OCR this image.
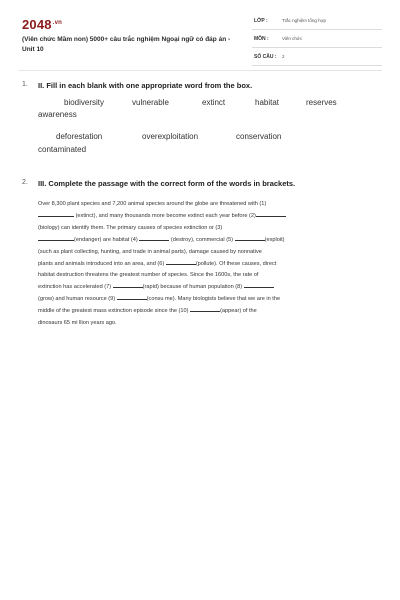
$2048^{.vn}$
(Viên chức Mầm non) 5000+ câu trắc nghiệm Ngoại ngữ có đáp án - Unit 10
LỚP :	Trắc nghiệm tổng hợp
MÔN :	Viên chức
SỐ CÂU : 2
1. II. Fill in each blank with one appropriate word from the box.
biodiversity	vulnerable	extinct	habitat	reserves
awareness
deforestation	overexploitation	conservation
contaminated
2. III. Complete the passage with the correct form of the words in brackets.
Over 8,300 plant species and 7,200 animal species around the globe are threatened with (1)
(extinct), and many thousands more become extinct each year before (2)
(biology) can identify them. The primary causes of species extinction or (3)
(endanger) are habitat (4)	(destroy), commercial (5)	(exploit)
(such as plant collecting, hunting, and trade in animal parts), damage caused by nonnative
plants and animals introduced into an area, and (6)	(pollute). Of these causes, direct
habitat destruction threatens the greatest number of species. Since the 1600s, the rate of
extinction has accelerated (7)	(rapid) because of human population (8)
(grow) and human resource (9)	(consu me). Many biologists believe that we are in the
middle of the greatest mass extinction episode since the (10)	(appear) of the
dinosaurs 65 mi llion years ago.
